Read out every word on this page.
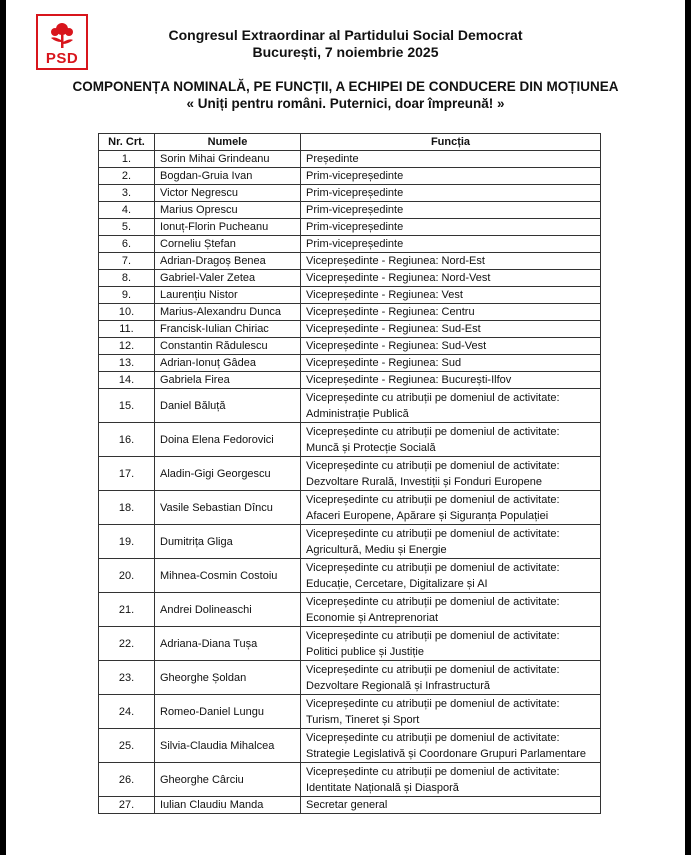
PSD
Congresul Extraordinar al Partidului Social Democrat
București, 7 noiembrie 2025
COMPONENȚA NOMINALĂ, PE FUNCȚII, A ECHIPEI DE CONDUCERE DIN MOȚIUNEA
« Uniți pentru români. Puternici, doar împreună! »
Nr. Crt.	Numele	Funcția
1.	Sorin Mihai Grindeanu	Președinte

2.	Bogdan-Gruia Ivan	Prim-vicepreședinte

3.	Victor Negrescu	Prim-vicepreședinte

4.	Marius Oprescu	Prim-vicepreședinte

5.	Ionuț-Florin Pucheanu	Prim-vicepreședinte

6.	Corneliu Ștefan	Prim-vicepreședinte

7.	Adrian-Dragoș Benea	Vicepreședinte - Regiunea: Nord-Est

8.	Gabriel-Valer Zetea	Vicepreședinte - Regiunea: Nord-Vest

9.	Laurențiu Nistor	Vicepreședinte - Regiunea: Vest

10.	Marius-Alexandru Dunca	Vicepreședinte - Regiunea: Centru

11.	Francisk-Iulian Chiriac	Vicepreședinte - Regiunea: Sud-Est

12.	Constantin Rădulescu	Vicepreședinte - Regiunea: Sud-Vest

13.	Adrian-Ionuț Gâdea	Vicepreședinte - Regiunea: Sud

14.	Gabriela Firea	Vicepreședinte - Regiunea: București-Ilfov

15.	Daniel Băluță	Vicepreședinte cu atribuții pe domeniul de activitate:
Administrație Publică

16.	Doina Elena Fedorovici	Vicepreședinte cu atribuții pe domeniul de activitate:
Muncă și Protecție Socială

17.	Aladin-Gigi Georgescu	Vicepreședinte cu atribuții pe domeniul de activitate:
Dezvoltare Rurală, Investiții și Fonduri Europene

18.	Vasile Sebastian Dîncu	Vicepreședinte cu atribuții pe domeniul de activitate:
Afaceri Europene, Apărare și Siguranța Populației

19.	Dumitrița Gliga	Vicepreședinte cu atribuții pe domeniul de activitate:
Agricultură, Mediu și Energie

20.	Mihnea-Cosmin Costoiu	Vicepreședinte cu atribuții pe domeniul de activitate:
Educație, Cercetare, Digitalizare și AI

21.	Andrei Dolineaschi	Vicepreședinte cu atribuții pe domeniul de activitate:
Economie și Antreprenoriat

22.	Adriana-Diana Tușa	Vicepreședinte cu atribuții pe domeniul de activitate:
Politici publice și Justiție

23.	Gheorghe Șoldan	Vicepreședinte cu atribuții pe domeniul de activitate:
Dezvoltare Regională și Infrastructură

24.	Romeo-Daniel Lungu	Vicepreședinte cu atribuții pe domeniul de activitate:
Turism, Tineret și Sport

25.	Silvia-Claudia Mihalcea	Vicepreședinte cu atribuții pe domeniul de activitate:
Strategie Legislativă și Coordonare Grupuri Parlamentare

26.	Gheorghe Cârciu	Vicepreședinte cu atribuții pe domeniul de activitate:
Identitate Națională și Diasporă

27.	Iulian Claudiu Manda	Secretar general
